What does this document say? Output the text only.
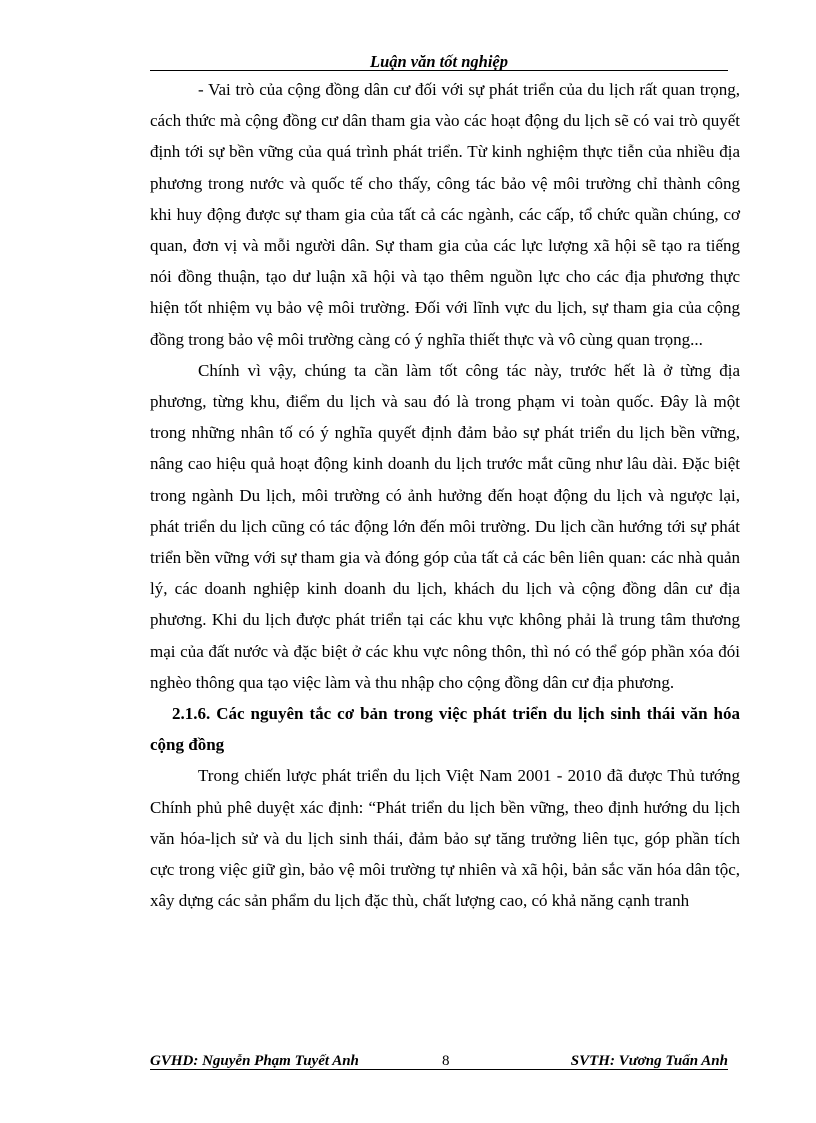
Luận văn tốt nghiệp

- Vai trò của cộng đồng dân cư đối với sự phát triển của du lịch rất quan trọng, cách thức mà cộng đồng cư dân tham gia vào các hoạt động du lịch sẽ có vai trò quyết định tới sự bền vững của quá trình phát triển. Từ kinh nghiệm thực tiễn của nhiều địa phương trong nước và quốc tế cho thấy, công tác bảo vệ môi trường chỉ thành công khi huy động được sự tham gia của tất cả các ngành, các cấp, tổ chức quần chúng, cơ quan, đơn vị và mỗi người dân. Sự tham gia của các lực lượng xã hội sẽ tạo ra tiếng nói đồng thuận, tạo dư luận xã hội và tạo thêm nguồn lực cho các địa phương thực hiện tốt nhiệm vụ bảo vệ môi trường. Đối với lĩnh vực du lịch, sự tham gia của cộng đồng trong bảo vệ môi trường càng có ý nghĩa thiết thực và vô cùng quan trọng...

Chính vì vậy, chúng ta cần làm tốt công tác này, trước hết là ở từng địa phương, từng khu, điểm du lịch và sau đó là trong phạm vi toàn quốc. Đây là một trong những nhân tố có ý nghĩa quyết định đảm bảo sự phát triển du lịch bền vững, nâng cao hiệu quả hoạt động kinh doanh du lịch trước mắt cũng như lâu dài. Đặc biệt trong ngành Du lịch, môi trường có ảnh hưởng đến hoạt động du lịch và ngược lại, phát triển du lịch cũng có tác động lớn đến môi trường. Du lịch cần hướng tới sự phát triển bền vững với sự tham gia và đóng góp của tất cả các bên liên quan: các nhà quản lý, các doanh nghiệp kinh doanh du lịch, khách du lịch và cộng đồng dân cư địa phương. Khi du lịch được phát triển tại các khu vực không phải là trung tâm thương mại của đất nước và đặc biệt ở các khu vực nông thôn, thì nó có thể góp phần xóa đói nghèo thông qua tạo việc làm và thu nhập cho cộng đồng dân cư địa phương.

2.1.6. Các nguyên tắc cơ bản trong việc phát triển du lịch sinh thái văn hóa cộng đồng

Trong chiến lược phát triển du lịch Việt Nam 2001 - 2010 đã được Thủ tướng Chính phủ phê duyệt xác định: “Phát triển du lịch bền vững, theo định hướng du lịch văn hóa-lịch sử và du lịch sinh thái, đảm bảo sự tăng trưởng liên tục, góp phần tích cực trong việc giữ gìn, bảo vệ môi trường tự nhiên và xã hội, bản sắc văn hóa dân tộc, xây dựng các sản phẩm du lịch đặc thù, chất lượng cao, có khả năng cạnh tranh

GVHD: Nguyễn Phạm Tuyết Anh	8	SVTH: Vương Tuấn Anh
